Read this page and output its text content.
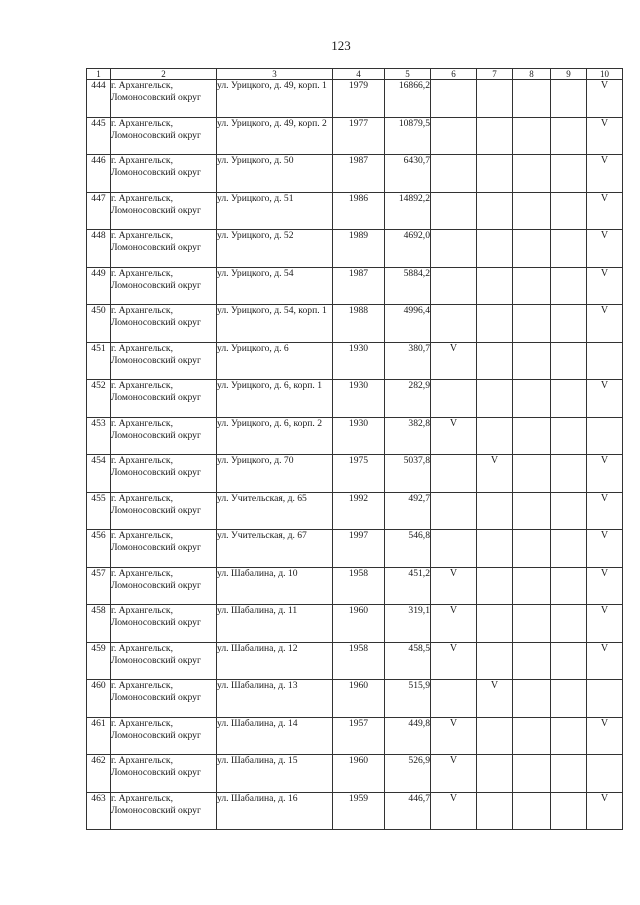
123
1	2	3	4	5	6	7	8	9	10
444	г. Архангельск, Ломоносовский округ	ул. Урицкого, д. 49, корп. 1	1979	16866,2					V
445	г. Архангельск, Ломоносовский округ	ул. Урицкого, д. 49, корп. 2	1977	10879,5					V
446	г. Архангельск, Ломоносовский округ	ул. Урицкого, д. 50	1987	6430,7					V
447	г. Архангельск, Ломоносовский округ	ул. Урицкого, д. 51	1986	14892,2					V
448	г. Архангельск, Ломоносовский округ	ул. Урицкого, д. 52	1989	4692,0					V
449	г. Архангельск, Ломоносовский округ	ул. Урицкого, д. 54	1987	5884,2					V
450	г. Архангельск, Ломоносовский округ	ул. Урицкого, д. 54, корп. 1	1988	4996,4					V
451	г. Архангельск, Ломоносовский округ	ул. Урицкого, д. 6	1930	380,7	V				
452	г. Архангельск, Ломоносовский округ	ул. Урицкого, д. 6, корп. 1	1930	282,9					V
453	г. Архангельск, Ломоносовский округ	ул. Урицкого, д. 6, корп. 2	1930	382,8	V				
454	г. Архангельск, Ломоносовский округ	ул. Урицкого, д. 70	1975	5037,8		V			V
455	г. Архангельск, Ломоносовский округ	ул. Учительская, д. 65	1992	492,7					V
456	г. Архангельск, Ломоносовский округ	ул. Учительская, д. 67	1997	546,8					V
457	г. Архангельск, Ломоносовский округ	ул. Шабалина, д. 10	1958	451,2	V				V
458	г. Архангельск, Ломоносовский округ	ул. Шабалина, д. 11	1960	319,1	V				V
459	г. Архангельск, Ломоносовский округ	ул. Шабалина, д. 12	1958	458,5	V				V
460	г. Архангельск, Ломоносовский округ	ул. Шабалина, д. 13	1960	515,9		V			
461	г. Архангельск, Ломоносовский округ	ул. Шабалина, д. 14	1957	449,8	V				V
462	г. Архангельск, Ломоносовский округ	ул. Шабалина, д. 15	1960	526,9	V				
463	г. Архангельск, Ломоносовский округ	ул. Шабалина, д. 16	1959	446,7	V				V
